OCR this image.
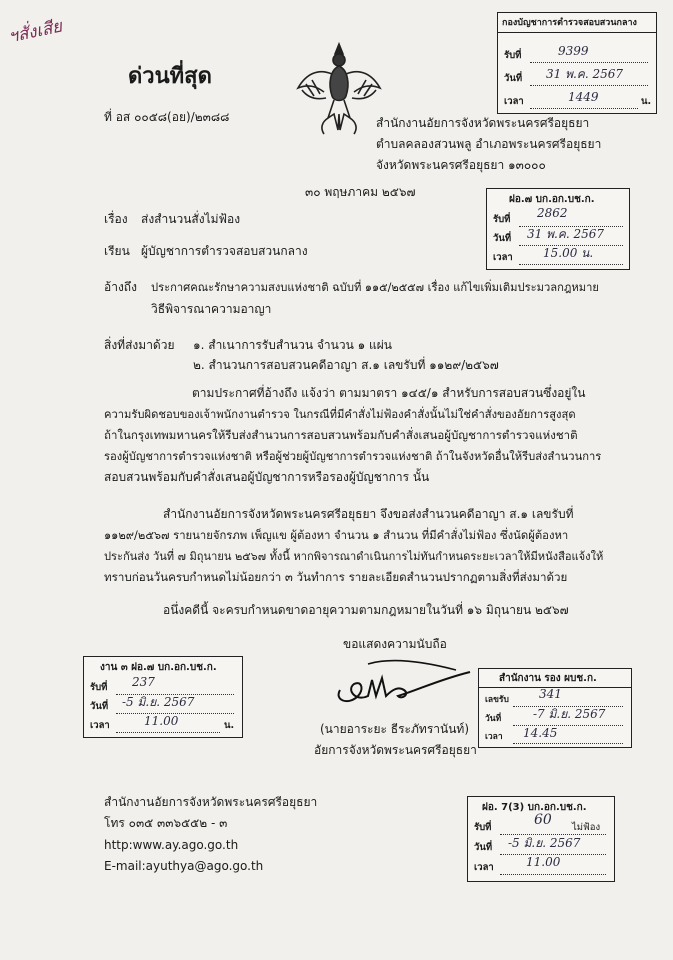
ฯสั่งเสีย
ด่วนที่สุด
ที่ อส ๐๐๕๘(อย)/๒๓๘๘	สำนักงานอัยการจังหวัดพระนครศรีอยุธยา
ตำบลคลองสวนพลู อำเภอพระนครศรีอยุธยา
จังหวัดพระนครศรีอยุธยา ๑๓๐๐๐
๓๐ พฤษภาคม ๒๕๖๗
เรื่อง ส่งสำนวนสั่งไม่ฟ้อง
เรียน ผู้บัญชาการตำรวจสอบสวนกลาง
อ้างถึง ประกาศคณะรักษาความสงบแห่งชาติ ฉบับที่ ๑๑๕/๒๕๕๗ เรื่อง แก้ไขเพิ่มเติมประมวลกฎหมาย
วิธีพิจารณาความอาญา
สิ่งที่ส่งมาด้วย ๑. สำเนาการรับสำนวน จำนวน ๑ แผ่น
๒. สำนวนการสอบสวนคดีอาญา ส.๑ เลขรับที่ ๑๑๒๙/๒๕๖๗
ตามประกาศที่อ้างถึง แจ้งว่า ตามมาตรา ๑๔๕/๑ สำหรับการสอบสวนซึ่งอยู่ใน
ความรับผิดชอบของเจ้าพนักงานตำรวจ ในกรณีที่มีคำสั่งไม่ฟ้องคำสั่งนั้นไม่ใช่คำสั่งของอัยการสูงสุด
ถ้าในกรุงเทพมหานครให้รีบส่งสำนวนการสอบสวนพร้อมกับคำสั่งเสนอผู้บัญชาการตำรวจแห่งชาติ
รองผู้บัญชาการตำรวจแห่งชาติ หรือผู้ช่วยผู้บัญชาการตำรวจแห่งชาติ ถ้าในจังหวัดอื่นให้รีบส่งสำนวนการ
สอบสวนพร้อมกับคำสั่งเสนอผู้บัญชาการหรือรองผู้บัญชาการ นั้น
สำนักงานอัยการจังหวัดพระนครศรีอยุธยา จึงขอส่งสำนวนคดีอาญา ส.๑ เลขรับที่
๑๑๒๙/๒๕๖๗ รายนายจักรภพ เพ็ญแข ผู้ต้องหา จำนวน ๑ สำนวน ที่มีคำสั่งไม่ฟ้อง ซึ่งนัดผู้ต้องหา
ประกันส่ง วันที่ ๗ มิถุนายน ๒๕๖๗ ทั้งนี้ หากพิจารณาดำเนินการไม่ทันกำหนดระยะเวลาให้มีหนังสือแจ้งให้
ทราบก่อนวันครบกำหนดไม่น้อยกว่า ๓ วันทำการ รายละเอียดสำนวนปรากฏตามสิ่งที่ส่งมาด้วย
อนึ่งคดีนี้ จะครบกำหนดขาดอายุความตามกฎหมายในวันที่ ๑๖ มิถุนายน ๒๕๖๗
ขอแสดงความนับถือ
(นายอาระยะ ธีระภัทรานันท์)
อัยการจังหวัดพระนครศรีอยุธยา
สำนักงานอัยการจังหวัดพระนครศรีอยุธยา
โทร ๐๓๕ ๓๓๖๕๕๒ - ๓
http:www.ay.ago.go.th
E-mail:ayuthya@ago.go.th
กองบัญชาการตำรวจสอบสวนกลาง
รับที่	9399
วันที่ 31 พ.ค. 2567
เวลา	1449	น.
ฝอ.๗ บก.อก.บช.ก.
รับที่ 2862
วันที่ 31 พ.ค. 2567
เวลา	15.00 น.
งาน ๓ ฝอ.๗ บก.อก.บช.ก.
รับที่ 237
วันที่ -5 มิ.ย. 2567
เวลา	11.00	น.
สำนักงาน รอง ผบช.ก.
เลขรับ	341
วันที่	-7 มิ.ย. 2567
เวลา 14.45
ฝอ. 7(3) บก.อก.บช.ก.
รับที่	60 ไม่ฟ้อง
วันที่ -5 มิ.ย. 2567
เวลา	11.00
